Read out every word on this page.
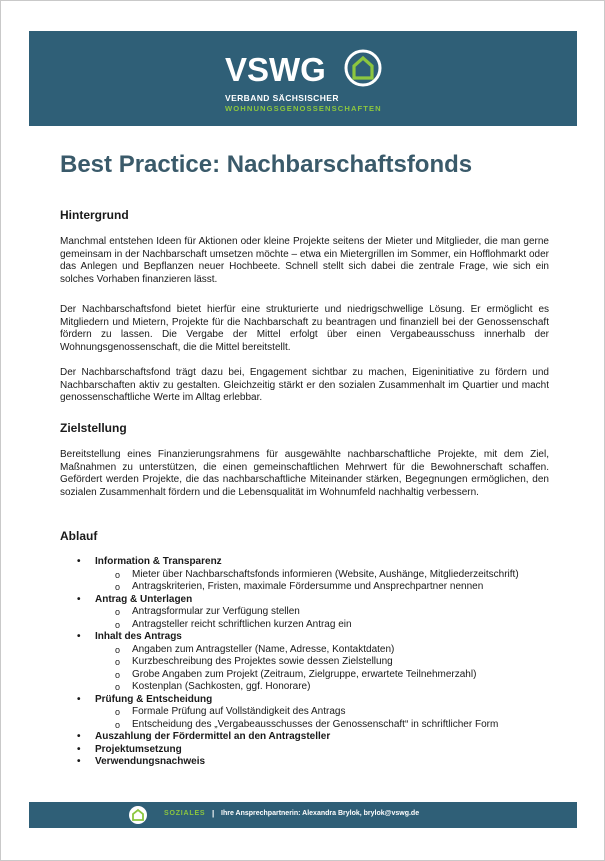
VSWG
VERBAND SÄCHSISCHER
WOHNUNGSGENOSSENSCHAFTEN
Best Practice: Nachbarschaftsfonds
Hintergrund

Manchmal entstehen Ideen für Aktionen oder kleine Projekte seitens der Mieter und Mitglieder, die man gerne gemeinsam in der Nachbarschaft umsetzen möchte – etwa ein Mietergrillen im Sommer, ein Hofflohmarkt oder das Anlegen und Bepflanzen neuer Hochbeete. Schnell stellt sich dabei die zentrale Frage, wie sich ein solches Vorhaben finanzieren lässt.

Der Nachbarschaftsfond bietet hierfür eine strukturierte und niedrigschwellige Lösung. Er ermöglicht es Mitgliedern und Mietern, Projekte für die Nachbarschaft zu beantragen und finanziell bei der Genossenschaft fördern zu lassen. Die Vergabe der Mittel erfolgt über einen Vergabeausschuss innerhalb der Wohnungsgenossenschaft, die die Mittel bereitstellt.

Der Nachbarschaftsfond trägt dazu bei, Engagement sichtbar zu machen, Eigeninitiative zu fördern und Nachbarschaften aktiv zu gestalten. Gleichzeitig stärkt er den sozialen Zusammenhalt im Quartier und macht genossenschaftliche Werte im Alltag erlebbar.

Zielstellung

Bereitstellung eines Finanzierungsrahmens für ausgewählte nachbarschaftliche Projekte, mit dem Ziel, Maßnahmen zu unterstützen, die einen gemeinschaftlichen Mehrwert für die Bewohnerschaft schaffen. Gefördert werden Projekte, die das nachbarschaftliche Miteinander stärken, Begegnungen ermöglichen, den sozialen Zusammenhalt fördern und die Lebensqualität im Wohnumfeld nachhaltig verbessern.

Ablauf
• Information & Transparenz
o Mieter über Nachbarschaftsfonds informieren (Website, Aushänge, Mitgliederzeitschrift)
o Antragskriterien, Fristen, maximale Fördersumme und Ansprechpartner nennen
• Antrag & Unterlagen
o Antragsformular zur Verfügung stellen
o Antragsteller reicht schriftlichen kurzen Antrag ein
• Inhalt des Antrags
o Angaben zum Antragsteller (Name, Adresse, Kontaktdaten)
o Kurzbeschreibung des Projektes sowie dessen Zielstellung
o Grobe Angaben zum Projekt (Zeitraum, Zielgruppe, erwartete Teilnehmerzahl)
o Kostenplan (Sachkosten, ggf. Honorare)
• Prüfung & Entscheidung
o Formale Prüfung auf Vollständigkeit des Antrags
o Entscheidung des „Vergabeausschusses der Genossenschaft“ in schriftlicher Form
• Auszahlung der Fördermittel an den Antragsteller
• Projektumsetzung
• Verwendungsnachweis
SOZIALES | Ihre Ansprechpartnerin: Alexandra Brylok, brylok@vswg.de
